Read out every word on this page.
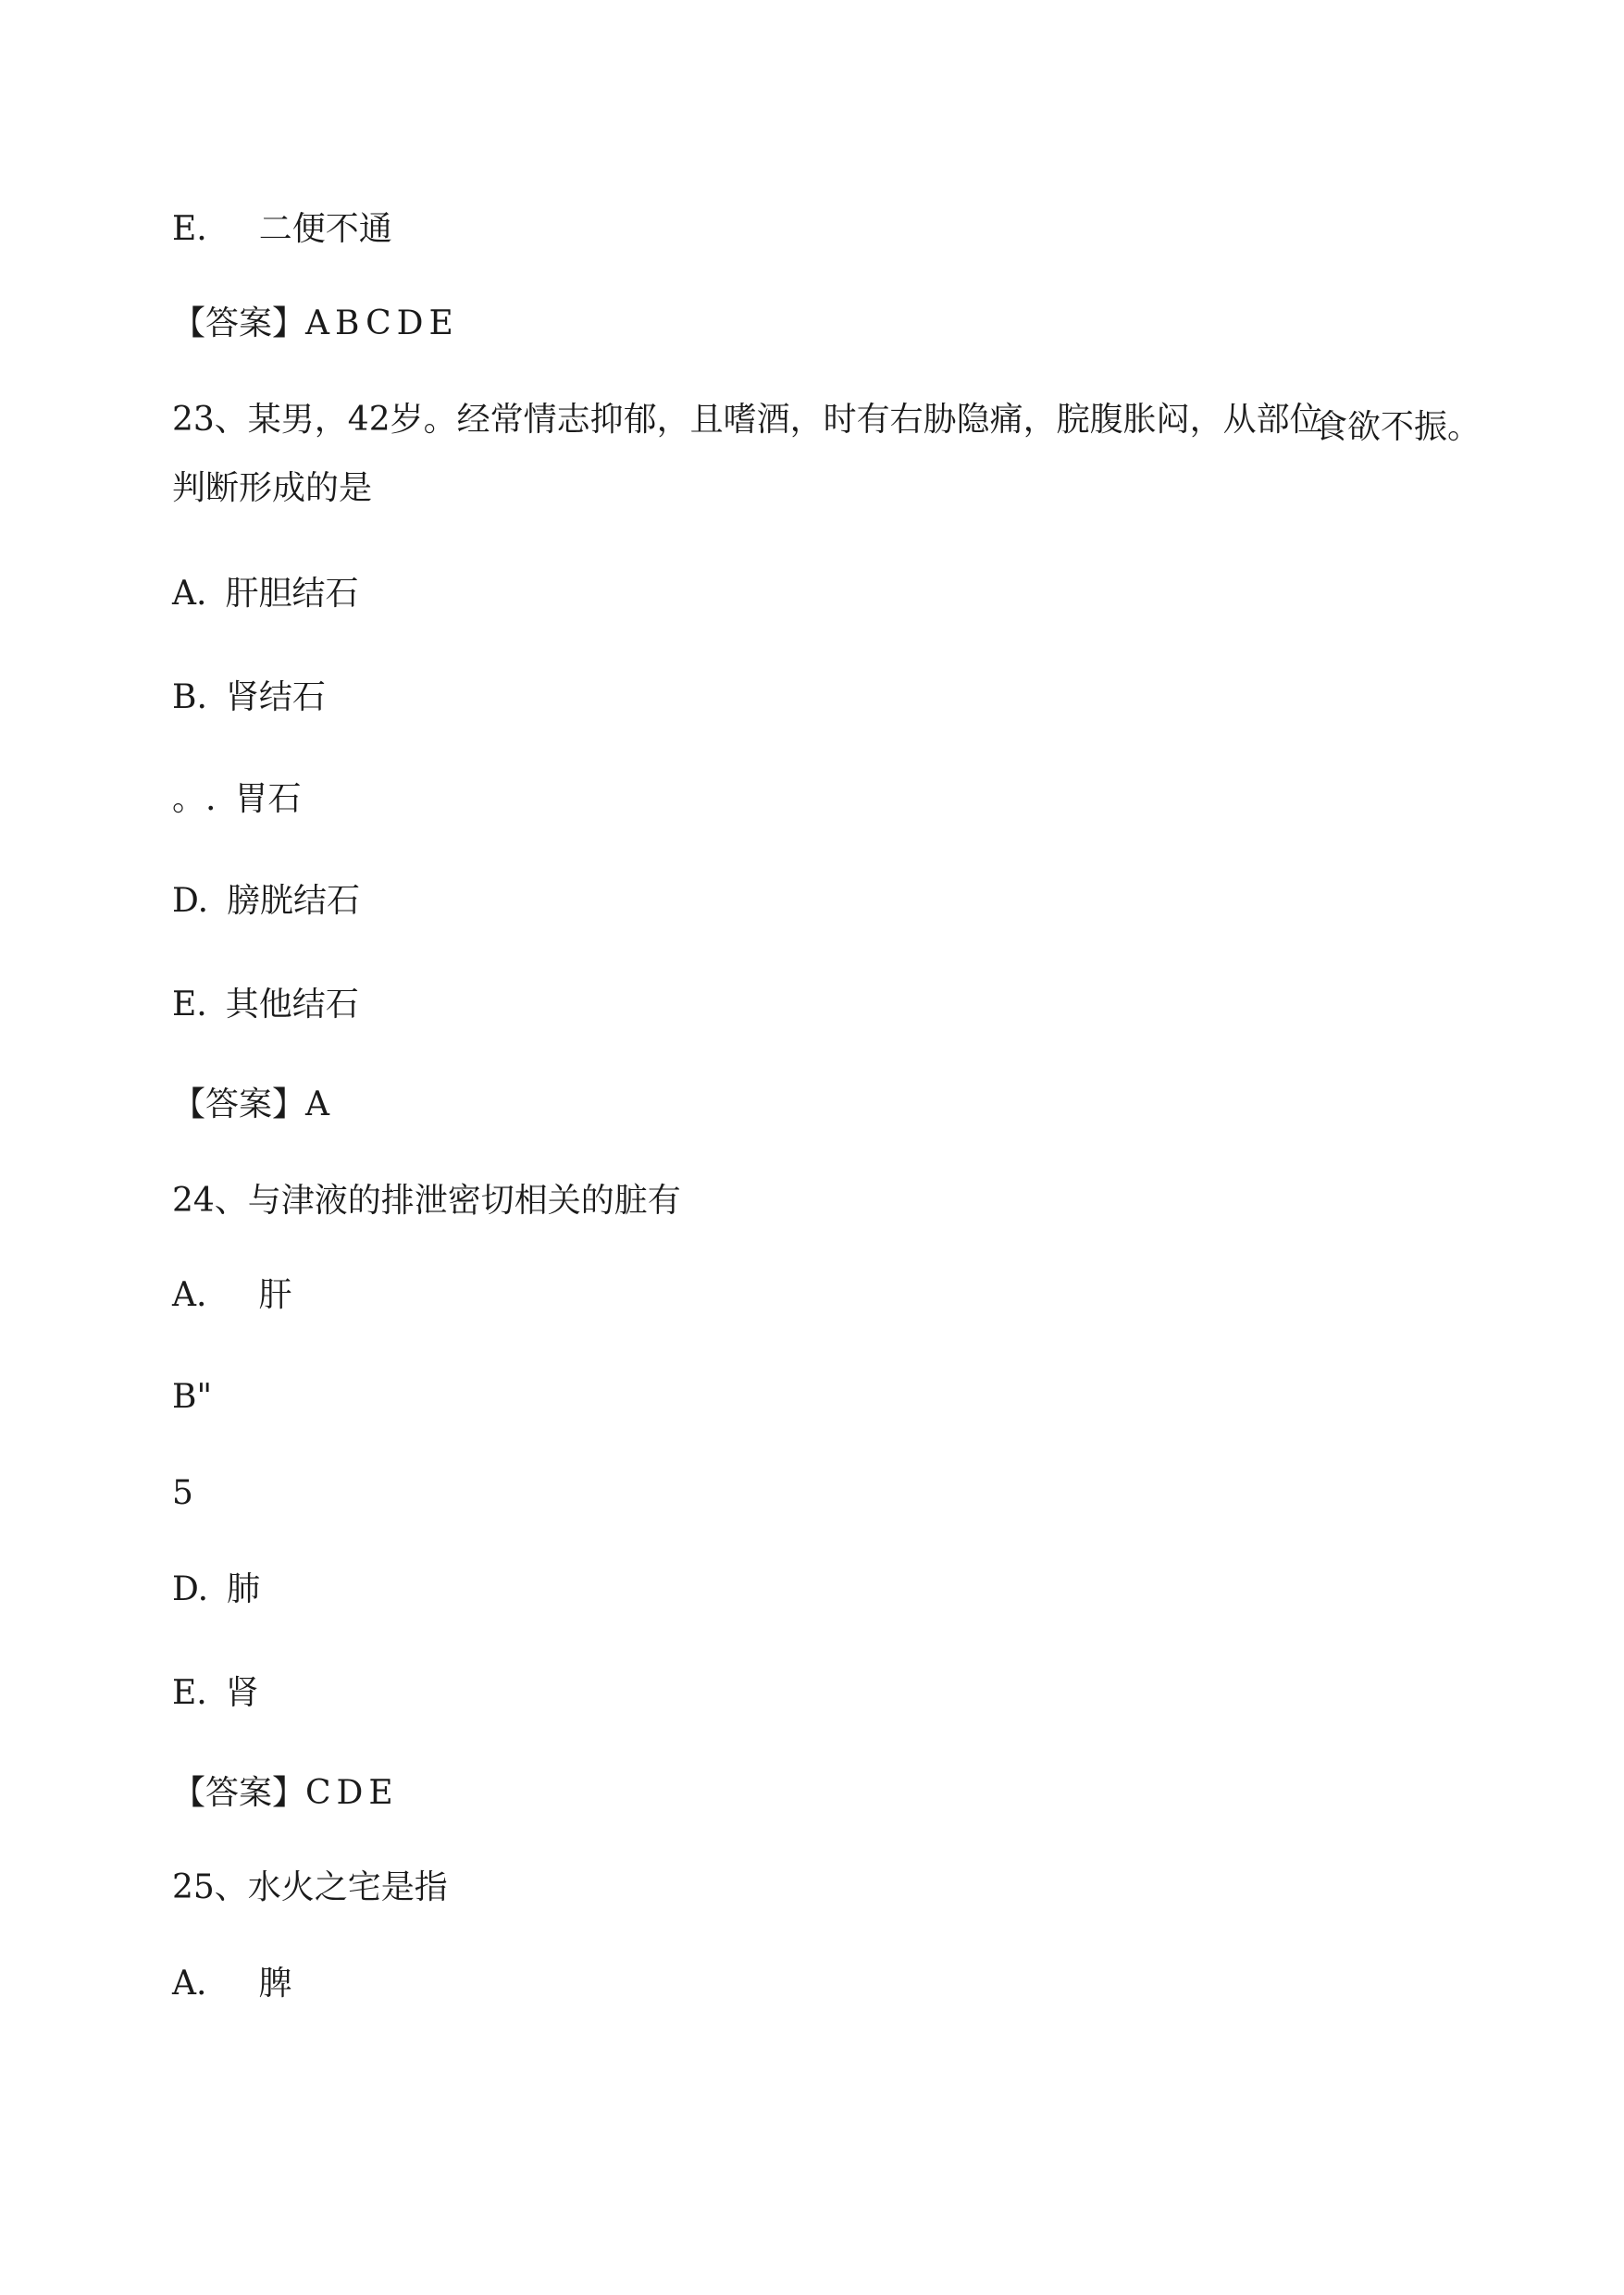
E. 二便不通
【答案】ABCDE
23、某男，42岁。经常情志抑郁，且嗜酒，时有右胁隐痛，脘腹胀闷，从部位
食欲不振。
判断形成的是
A. 肝胆结石
B. 肾结石
。. 胃石
D. 膀胱结石
E. 其他结石
【答案】A
24、与津液的排泄密切相关的脏有
A. 肝
B"
5
D. 肺
E. 肾
【答案】CDE
25、水火之宅是指
A. 脾
